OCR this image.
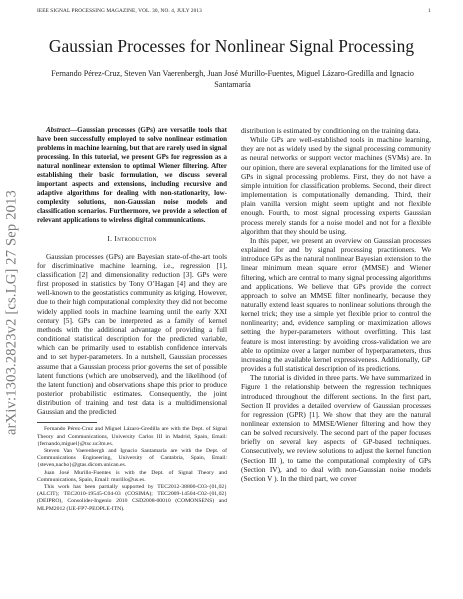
IEEE SIGNAL PROCESSING MAGAZINE, VOL. 30, NO. 4, JULY 2013	1
Gaussian Processes for Nonlinear Signal Processing
Fernando Pérez-Cruz, Steven Van Vaerenbergh, Juan José Murillo-Fuentes, Miguel Lázaro-Gredilla and Ignacio Santamaría
arXiv:1303.2823v2 [cs.LG] 27 Sep 2013

Abstract—Gaussian processes (GPs) are versatile tools that have been successfully employed to solve nonlinear estimation problems in machine learning, but that are rarely used in signal processing. In this tutorial, we present GPs for regression as a natural nonlinear extension to optimal Wiener filtering. After establishing their basic formulation, we discuss several important aspects and extensions, including recursive and adaptive algorithms for dealing with non-stationarity, low-complexity solutions, non-Gaussian noise models and classification scenarios. Furthermore, we provide a selection of relevant applications to wireless digital communications.

I. Introduction

Gaussian processes (GPs) are Bayesian state-of-the-art tools for discriminative machine learning, i.e., regression [1], classification [2] and dimensionality reduction [3]. GPs were first proposed in statistics by Tony O’Hagan [4] and they are well-known to the geostatistics community as kriging. However, due to their high computational complexity they did not become widely applied tools in machine learning until the early XXI century [5]. GPs can be interpreted as a family of kernel methods with the additional advantage of providing a full conditional statistical description for the predicted variable, which can be primarily used to establish confidence intervals and to set hyper-parameters. In a nutshell, Gaussian processes assume that a Gaussian process prior governs the set of possible latent functions (which are unobserved), and the likelihood (of the latent function) and observations shape this prior to produce posterior probabilistic estimates. Consequently, the joint distribution of training and test data is a multidimensional Gaussian and the predicted

Fernando Pérez-Cruz and Miguel Lázaro-Gredilla are with the Dept. of Signal Theory and Communications, University Carlos III in Madrid, Spain, Email: {fernando,miguel}@tsc.uc3m.es.

Steven Van Vaerenbergh and Ignacio Santamaría are with the Dept. of Communications Engineering, University of Cantabria, Spain, Email: {steven,nacho}@gtas.dicom.unican.es.

Juan José Murillo-Fuentes is with the Dept. of Signal Theory and Communications, Spain, Email: murillo@us.es.

This work has been partially supported by TEC2012-38800-C03-{01,02} (ALCIT); TEC2010-19545-C04-03 (COSIMA); TEC2009-14504-C02-{01,02} (DEIPRO), Consolider-Ingenio 2010 CSD2008-00010 (COMONSENS) and MLPM2012 (UE-FP7-PEOPLE-ITN).

distribution is estimated by conditioning on the training data.

While GPs are well-established tools in machine learning, they are not as widely used by the signal processing community as neural networks or support vector machines (SVMs) are. In our opinion, there are several explanations for the limited use of GPs in signal processing problems. First, they do not have a simple intuition for classification problems. Second, their direct implementation is computationally demanding. Third, their plain vanilla version might seem uptight and not flexible enough. Fourth, to most signal processing experts Gaussian process merely stands for a noise model and not for a flexible algorithm that they should be using.

In this paper, we present an overview on Gaussian processes explained for and by signal processing practitioners. We introduce GPs as the natural nonlinear Bayesian extension to the linear minimum mean square error (MMSE) and Wiener filtering, which are central to many signal processing algorithms and applications. We believe that GPs provide the correct approach to solve an MMSE filter nonlinearly, because they naturally extend least squares to nonlinear solutions through the kernel trick; they use a simple yet flexible prior to control the nonlinearity; and, evidence sampling or maximization allows setting the hyper-parameters without overfitting. This last feature is most interesting: by avoiding cross-validation we are able to optimize over a larger number of hyperparameters, thus increasing the available kernel expressiveness. Additionally, GP provides a full statistical description of its predictions.

The tutorial is divided in three parts. We have summarized in Figure 1 the relationship between the regression techniques introduced throughout the different sections. In the first part, Section II provides a detailed overview of Gaussian processes for regression (GPR) [1]. We show that they are the natural nonlinear extension to MMSE/Wiener filtering and how they can be solved recursively. The second part of the paper focuses briefly on several key aspects of GP-based techniques. Consecutively, we review solutions to adjust the kernel function (Section III ), to tame the computational complexity of GPs (Section IV), and to deal with non-Gaussian noise models (Section V ). In the third part, we cover
